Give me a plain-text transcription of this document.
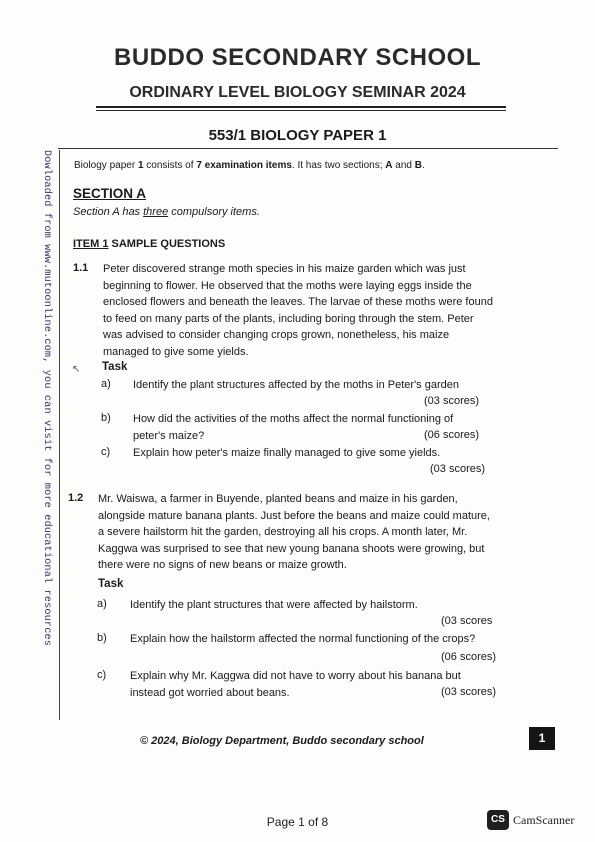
BUDDO SECONDARY SCHOOL
ORDINARY LEVEL BIOLOGY SEMINAR 2024
553/1 BIOLOGY PAPER 1
Dowloaded from www.mutoonline.com, you can visit for more educational resources Biology paper 1 consists of 7 examination items. It has two sections; A and B.
SECTION A
Section A has three compulsory items.
ITEM 1 SAMPLE QUESTIONS
1.1 Peter discovered strange moth species in his maize garden which was just
beginning to flower. He observed that the moths were laying eggs inside the
enclosed flowers and beneath the leaves. The larvae of these moths were found
to feed on many parts of the plants, including boring through the stem. Peter
was advised to consider changing crops grown, nonetheless, his maize
managed to give some yields.
↖ Task
a) Identify the plant structures affected by the moths in Peter's garden
(03 scores)
b) How did the activities of the moths affect the normal functioning of
peter's maize?	(06 scores)
c) Explain how peter's maize finally managed to give some yields.
(03 scores)
1.2 Mr. Waiswa, a farmer in Buyende, planted beans and maize in his garden,
alongside mature banana plants. Just before the beans and maize could mature,
a severe hailstorm hit the garden, destroying all his crops. A month later, Mr.
Kaggwa was surprised to see that new young banana shoots were growing, but
there were no signs of new beans or maize growth.
Task
a) Identify the plant structures that were affected by hailstorm.
(03 scores
b) Explain how the hailstorm affected the normal functioning of the crops?
(06 scores)
c) Explain why Mr. Kaggwa did not have to worry about his banana but
instead got worried about beans.	(03 scores)
© 2024, Biology Department, Buddo secondary school	1
Page 1 of 8	CS CamScanner
